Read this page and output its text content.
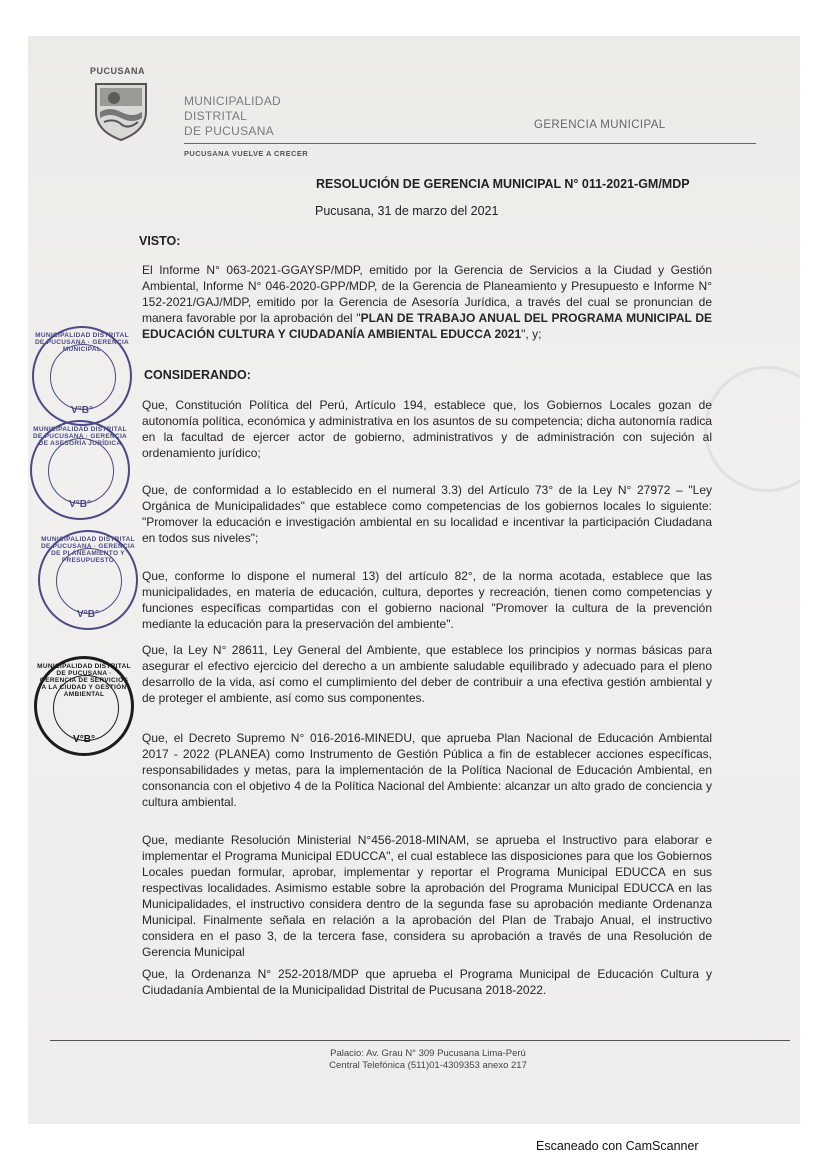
PUCUSANA
MUNICIPALIDAD
DISTRITAL
DE PUCUSANA	GERENCIA MUNICIPAL
PUCUSANA VUELVE A CRECER
RESOLUCIÓN DE GERENCIA MUNICIPAL N° 011-2021-GM/MDP
Pucusana, 31 de marzo del 2021
VISTO:
El Informe N° 063-2021-GGAYSP/MDP, emitido por la Gerencia de Servicios a la Ciudad y Gestión Ambiental, Informe N° 046-2020-GPP/MDP, de la Gerencia de Planeamiento y Presupuesto e Informe N° 152-2021/GAJ/MDP, emitido por la Gerencia de Asesoría Jurídica, a través del cual se pronuncian de manera favorable por la aprobación del "PLAN DE TRABAJO ANUAL DEL PROGRAMA MUNICIPAL DE EDUCACIÓN CULTURA Y CIUDADANÍA AMBIENTAL EDUCCA 2021", y;
CONSIDERANDO:
Que, Constitución Política del Perú, Artículo 194, establece que, los Gobiernos Locales gozan de autonomía política, económica y administrativa en los asuntos de su competencia; dicha autonomía radica en la facultad de ejercer actor de gobierno, administrativos y de administración con sujeción al ordenamiento jurídico;
Que, de conformidad a lo establecido en el numeral 3.3) del Artículo 73° de la Ley N° 27972 – "Ley Orgánica de Municipalidades" que establece como competencias de los gobiernos locales lo siguiente: "Promover la educación e investigación ambiental en su localidad e incentivar la participación Ciudadana en todos sus niveles";
Que, conforme lo dispone el numeral 13) del artículo 82°, de la norma acotada, establece que las municipalidades, en materia de educación, cultura, deportes y recreación, tienen como competencias y funciones específicas compartidas con el gobierno nacional "Promover la cultura de la prevención mediante la educación para la preservación del ambiente".
Que, la Ley N° 28611, Ley General del Ambiente, que establece los principios y normas básicas para asegurar el efectivo ejercicio del derecho a un ambiente saludable equilibrado y adecuado para el pleno desarrollo de la vida, así como el cumplimiento del deber de contribuir a una efectiva gestión ambiental y de proteger el ambiente, así como sus componentes.
Que, el Decreto Supremo N° 016-2016-MINEDU, que aprueba Plan Nacional de Educación Ambiental 2017 - 2022 (PLANEA) como Instrumento de Gestión Pública a fin de establecer acciones específicas, responsabilidades y metas, para la implementación de la Política Nacional de Educación Ambiental, en consonancia con el objetivo 4 de la Política Nacional del Ambiente: alcanzar un alto grado de conciencia y cultura ambiental.
Que, mediante Resolución Ministerial N°456-2018-MINAM, se aprueba el Instructivo para elaborar e implementar el Programa Municipal EDUCCA", el cual establece las disposiciones para que los Gobiernos Locales puedan formular, aprobar, implementar y reportar el Programa Municipal EDUCCA en sus respectivas localidades. Asimismo estable sobre la aprobación del Programa Municipal EDUCCA en las Municipalidades, el instructivo considera dentro de la segunda fase su aprobación mediante Ordenanza Municipal. Finalmente señala en relación a la aprobación del Plan de Trabajo Anual, el instructivo considera en el paso 3, de la tercera fase, considera su aprobación a través de una Resolución de Gerencia Municipal
Que, la Ordenanza N° 252-2018/MDP que aprueba el Programa Municipal de Educación Cultura y Ciudadanía Ambiental de la Municipalidad Distrital de Pucusana 2018-2022.
MUNICIPALIDAD DISTRITAL DE PUCUSANA · GERENCIA MUNICIPAL
V°B°
MUNICIPALIDAD DISTRITAL DE PUCUSANA · GERENCIA DE ASESORÍA JURÍDICA
V°B°
MUNICIPALIDAD DISTRITAL DE PUCUSANA · GERENCIA DE PLANEAMIENTO Y PRESUPUESTO
V°B°
MUNICIPALIDAD DISTRITAL DE PUCUSANA · GERENCIA DE SERVICIOS A LA CIUDAD Y GESTIÓN AMBIENTAL
V°B°
Palacio: Av. Grau N° 309 Pucusana Lima-Perú
Central Telefónica (511)01-4309353 anexo 217
Escaneado con CamScanner
